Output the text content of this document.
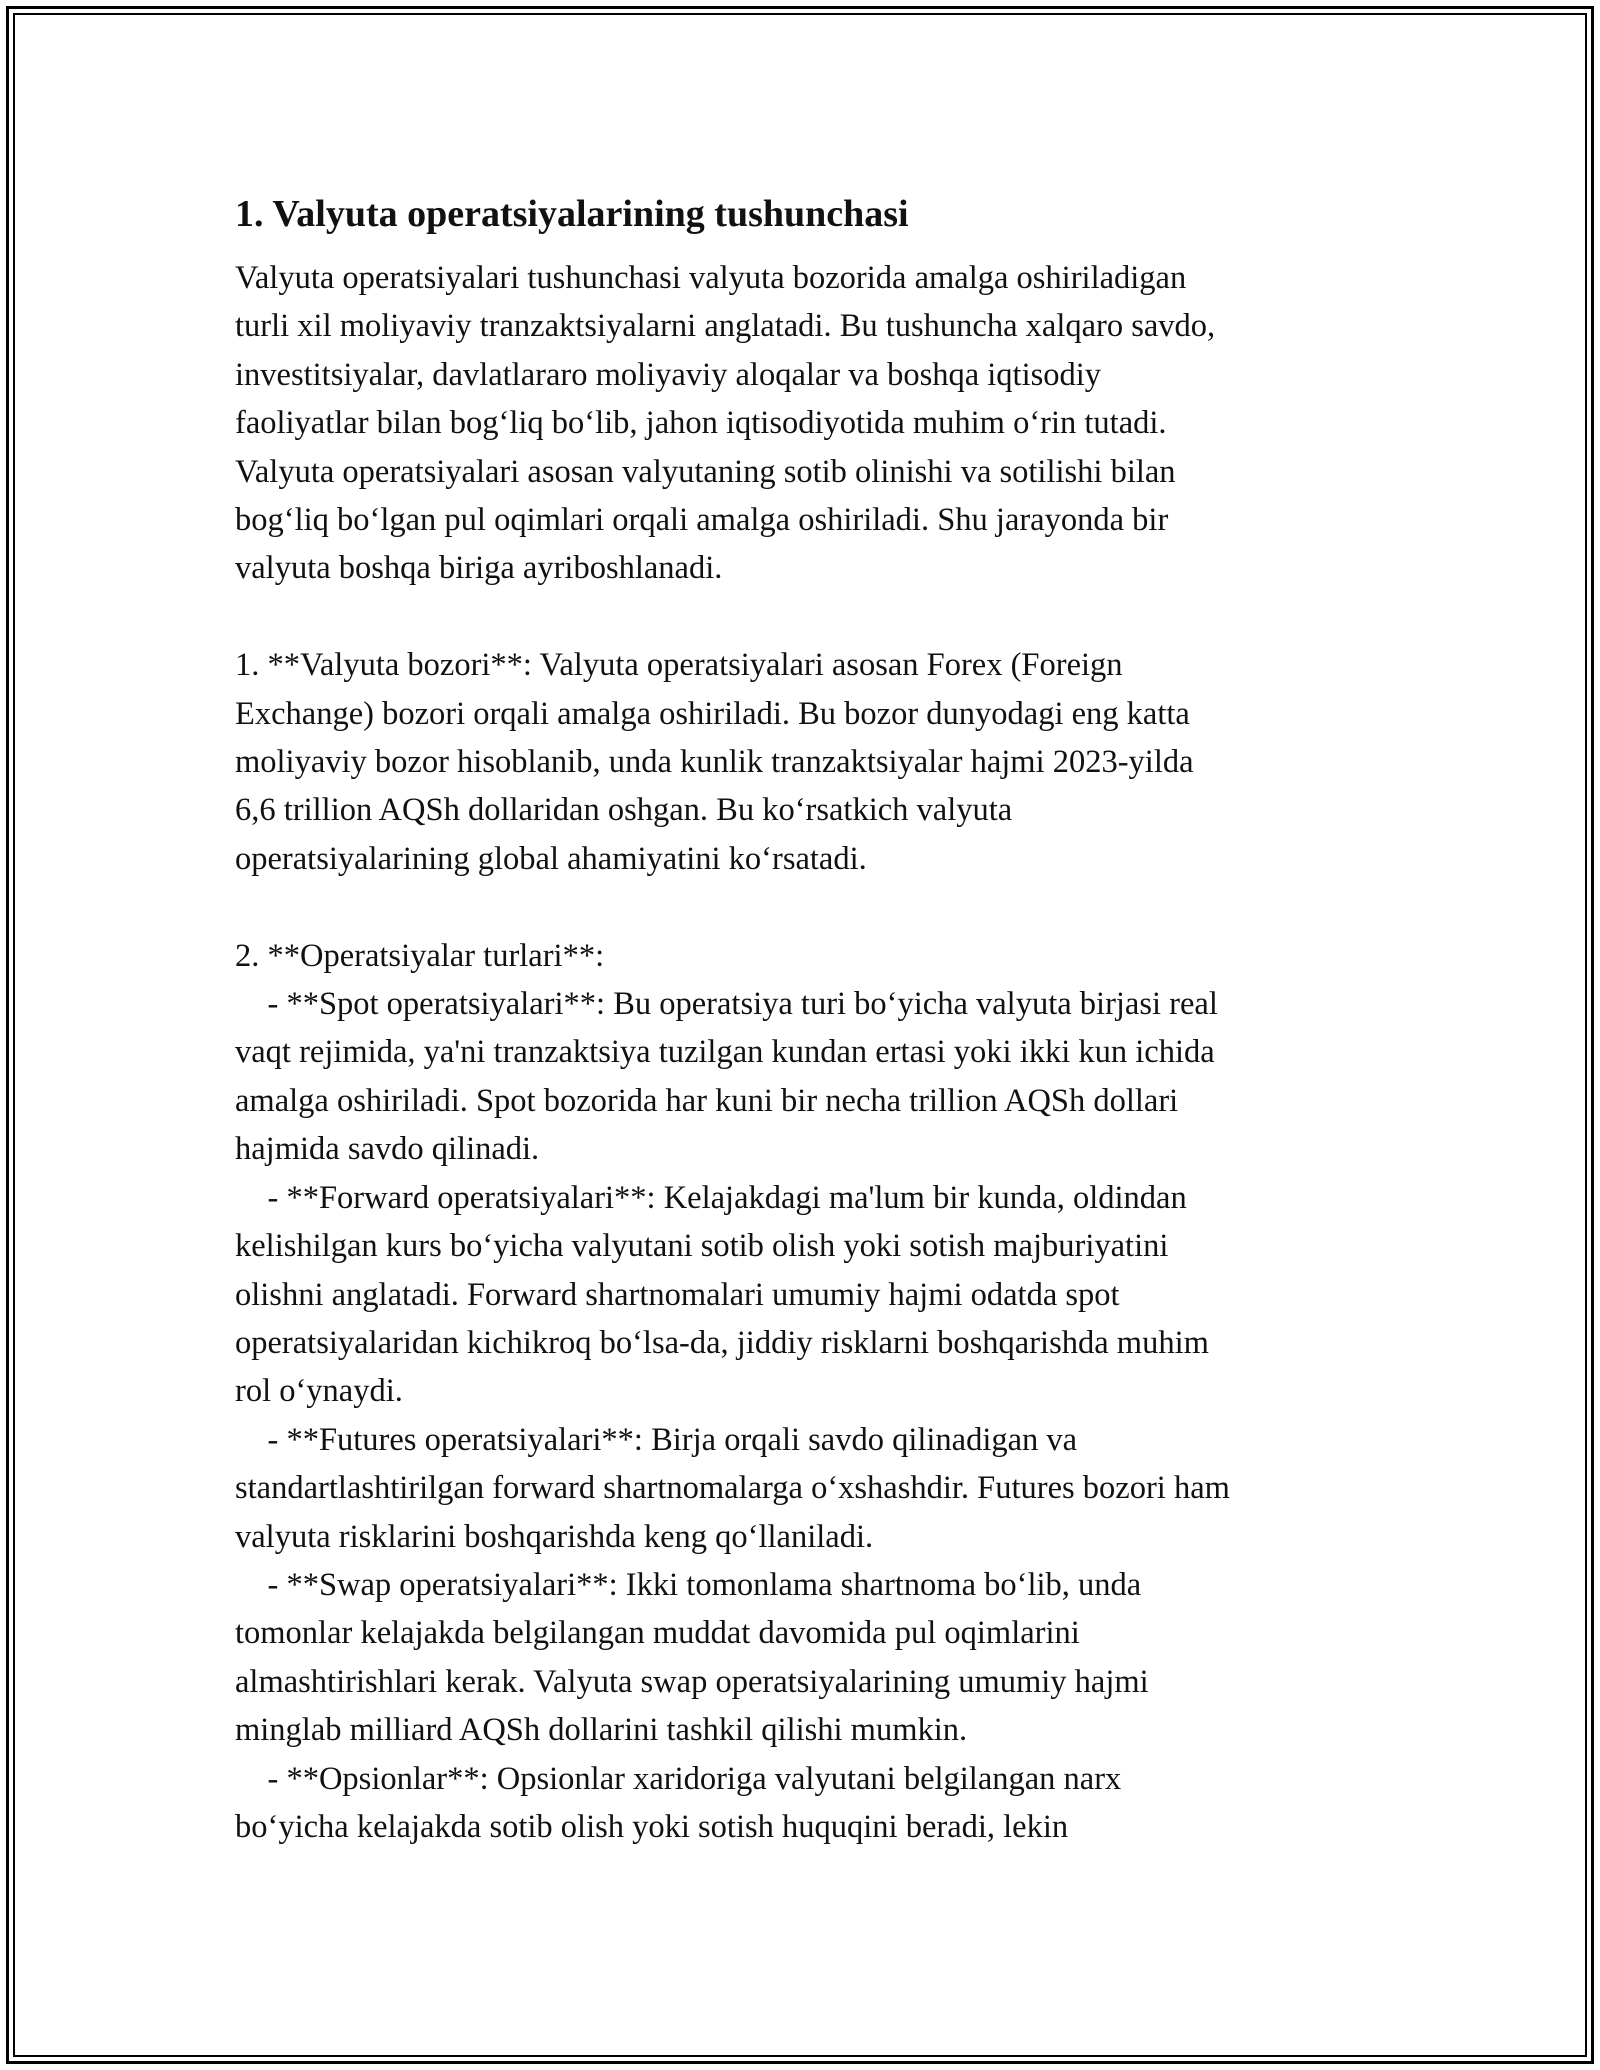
1. Valyuta operatsiyalarining tushunchasi
Valyuta operatsiyalari tushunchasi valyuta bozorida amalga oshiriladigan
turli xil moliyaviy tranzaktsiyalarni anglatadi. Bu tushuncha xalqaro savdo,
investitsiyalar, davlatlararo moliyaviy aloqalar va boshqa iqtisodiy
faoliyatlar bilan bog‘liq bo‘lib, jahon iqtisodiyotida muhim o‘rin tutadi.
Valyuta operatsiyalari asosan valyutaning sotib olinishi va sotilishi bilan
bog‘liq bo‘lgan pul oqimlari orqali amalga oshiriladi. Shu jarayonda bir
valyuta boshqa biriga ayriboshlanadi.
1. **Valyuta bozori**: Valyuta operatsiyalari asosan Forex (Foreign
Exchange) bozori orqali amalga oshiriladi. Bu bozor dunyodagi eng katta
moliyaviy bozor hisoblanib, unda kunlik tranzaktsiyalar hajmi 2023-yilda
6,6 trillion AQSh dollaridan oshgan. Bu ko‘rsatkich valyuta
operatsiyalarining global ahamiyatini ko‘rsatadi.
2. **Operatsiyalar turlari**:
- **Spot operatsiyalari**: Bu operatsiya turi bo‘yicha valyuta birjasi real
vaqt rejimida, ya'ni tranzaktsiya tuzilgan kundan ertasi yoki ikki kun ichida
amalga oshiriladi. Spot bozorida har kuni bir necha trillion AQSh dollari
hajmida savdo qilinadi.
- **Forward operatsiyalari**: Kelajakdagi ma'lum bir kunda, oldindan
kelishilgan kurs bo‘yicha valyutani sotib olish yoki sotish majburiyatini
olishni anglatadi. Forward shartnomalari umumiy hajmi odatda spot
operatsiyalaridan kichikroq bo‘lsa-da, jiddiy risklarni boshqarishda muhim
rol o‘ynaydi.
- **Futures operatsiyalari**: Birja orqali savdo qilinadigan va
standartlashtirilgan forward shartnomalarga o‘xshashdir. Futures bozori ham
valyuta risklarini boshqarishda keng qo‘llaniladi.
- **Swap operatsiyalari**: Ikki tomonlama shartnoma bo‘lib, unda
tomonlar kelajakda belgilangan muddat davomida pul oqimlarini
almashtirishlari kerak. Valyuta swap operatsiyalarining umumiy hajmi
minglab milliard AQSh dollarini tashkil qilishi mumkin.
- **Opsionlar**: Opsionlar xaridoriga valyutani belgilangan narx
bo‘yicha kelajakda sotib olish yoki sotish huquqini beradi, lekin
